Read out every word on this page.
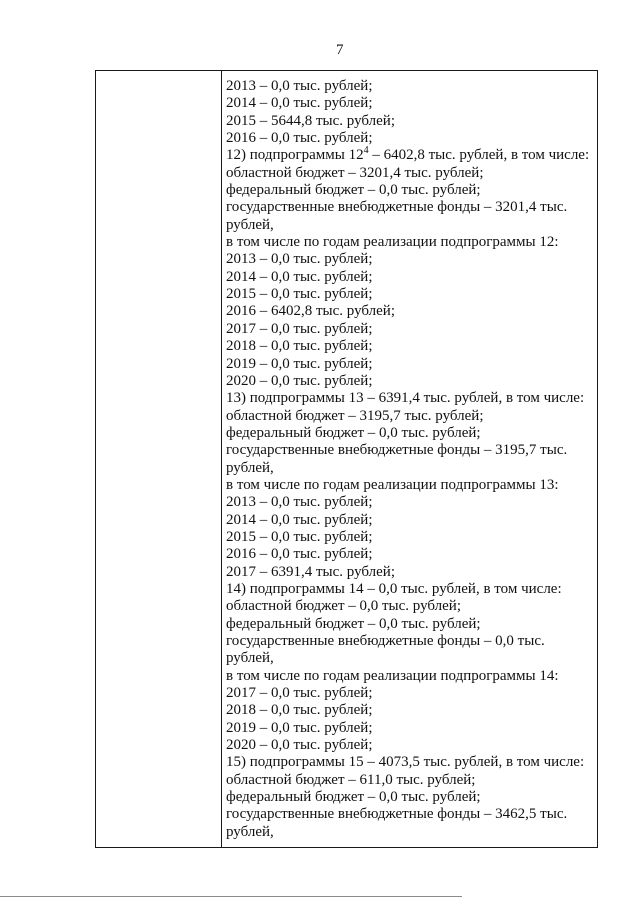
7
2013 – 0,0 тыс. рублей;
2014 – 0,0 тыс. рублей;
2015 – 5644,8 тыс. рублей;
2016 – 0,0 тыс. рублей;
12) подпрограммы $12^4 - 6402,8$ тыс. рублей, в том числе:
областной бюджет – 3201,4 тыс. рублей;
федеральный бюджет – 0,0 тыс. рублей;
государственные внебюджетные фонды – 3201,4 тыс.
рублей,
в том числе по годам реализации подпрограммы 12:
2013 – 0,0 тыс. рублей;
2014 – 0,0 тыс. рублей;
2015 – 0,0 тыс. рублей;
2016 – 6402,8 тыс. рублей;
2017 – 0,0 тыс. рублей;
2018 – 0,0 тыс. рублей;
2019 – 0,0 тыс. рублей;
2020 – 0,0 тыс. рублей;
13) подпрограммы 13 – 6391,4 тыс. рублей, в том числе:
областной бюджет – 3195,7 тыс. рублей;
федеральный бюджет – 0,0 тыс. рублей;
государственные внебюджетные фонды – 3195,7 тыс.
рублей,
в том числе по годам реализации подпрограммы 13:
2013 – 0,0 тыс. рублей;
2014 – 0,0 тыс. рублей;
2015 – 0,0 тыс. рублей;
2016 – 0,0 тыс. рублей;
2017 – 6391,4 тыс. рублей;
14) подпрограммы 14 – 0,0 тыс. рублей, в том числе:
областной бюджет – 0,0 тыс. рублей;
федеральный бюджет – 0,0 тыс. рублей;
государственные внебюджетные фонды – 0,0 тыс.
рублей,
в том числе по годам реализации подпрограммы 14:
2017 – 0,0 тыс. рублей;
2018 – 0,0 тыс. рублей;
2019 – 0,0 тыс. рублей;
2020 – 0,0 тыс. рублей;
15) подпрограммы 15 – 4073,5 тыс. рублей, в том числе:
областной бюджет – 611,0 тыс. рублей;
федеральный бюджет – 0,0 тыс. рублей;
государственные внебюджетные фонды – 3462,5 тыс.
рублей,
